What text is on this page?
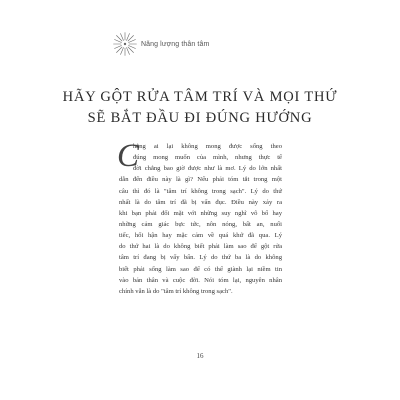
Năng lượng thân tâm
HÃY GỘT RỬA TÂM TRÍ VÀ MỌI THỨ
SẼ BẮT ĐẦU ĐI ĐÚNG HƯỚNG
C
hẳng ai lại không mong được sống theo
đúng mong muốn của mình, nhưng thực tế
đời chẳng bao giờ được như là mơ. Lý do lớn nhất
dẫn đến điều này là gì? Nếu phải tóm tắt trong một
câu thì đó là "tâm trí không trong sạch". Lý do thứ
nhất là do tâm trí đã bị vẩn đục. Điều này xảy ra
khi bạn phải đối mặt với những suy nghĩ vô bổ hay
những cảm giác bực tức, nôn nóng, bất an, nuối
tiếc, hối hận hay mặc cảm về quá khứ đã qua. Lý
do thứ hai là do không biết phải làm sao để gột rửa
tâm trí đang bị vấy bẩn. Lý do thứ ba là do không
biết phải sống làm sao để có thể giành lại niềm tin
vào bản thân và cuộc đời. Nói tóm lại, nguyên nhân
chính vẫn là do "tâm trí không trong sạch".
16
